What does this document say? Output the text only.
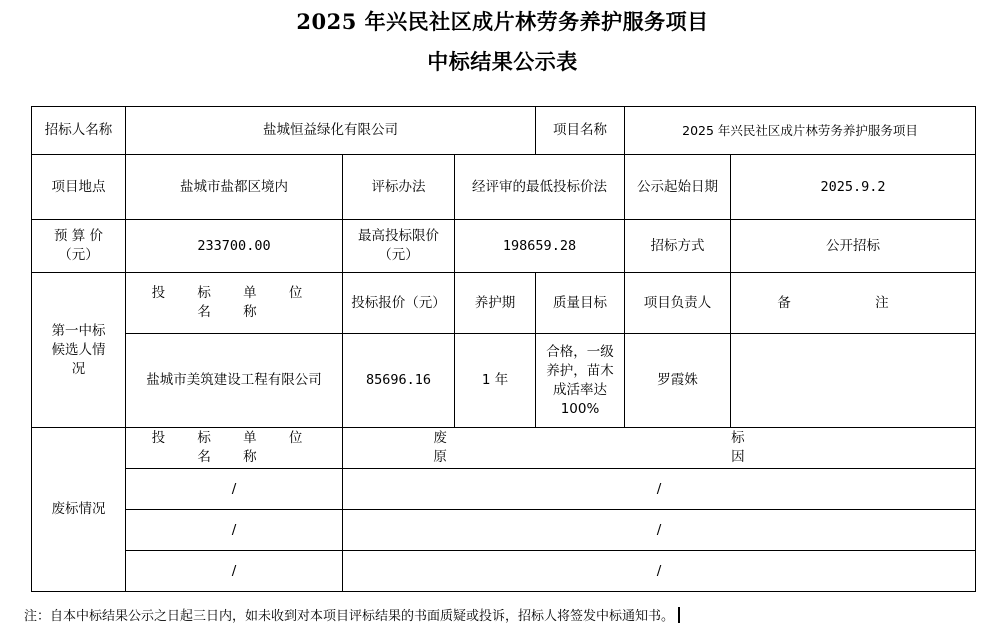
2025 年兴民社区成片林劳务养护服务项目
中标结果公示表
招标人名称	盐城恒益绿化有限公司			项目名称	2025 年兴民社区成片林劳务养护服务项目	
项目地点	盐城市盐都区境内	评标办法	经评审的最低投标价法		公示起始日期	2025.9.2
预 算 价（元）	233700.00	最高投标限价（元）	198659.28		招标方式	公开招标
第一中标候选人情况	投 标 单 位 名 称	投标报价（元）	养护期	质量目标	项目负责人	备 注
	盐城市美筑建设工程有限公司	85696.16	1 年	合格，一级养护，苗木成活率达100%	罗霞姝	
废标情况	投 标 单 位 名 称	废 标 原 因				
	/	/				
	/	/				
	/	/				

注：自本中标结果公示之日起三日内，如未收到对本项目评标结果的书面质疑或投诉，招标人将签发中标通知书。
